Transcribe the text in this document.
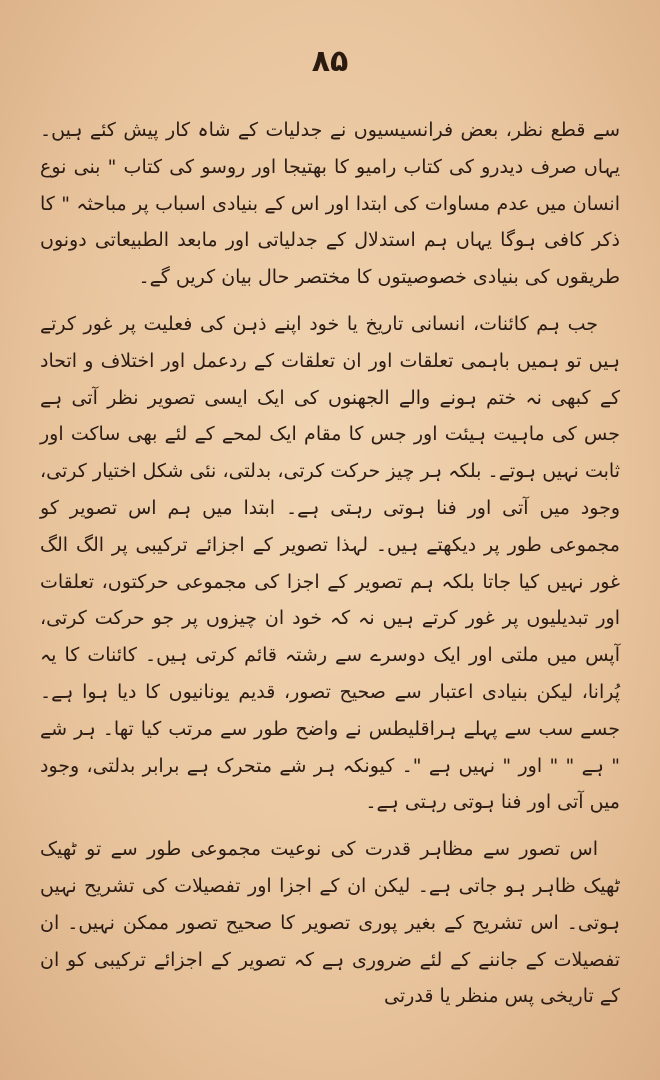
۸۵

سے قطع نظر، بعض فرانسیسیوں نے جدلیات کے شاہ کار پیش کئے ہیں۔ یہاں صرف دیدرو کی کتاب رامیو کا بھتیجا اور روسو کی کتاب " بنی نوع انسان میں عدم مساوات کی ابتدا اور اس کے بنیادی اسباب پر مباحثہ " کا ذکر کافی ہوگا یہاں ہم استدلال کے جدلیاتی اور مابعد الطبیعاتی دونوں طریقوں کی بنیادی خصوصیتوں کا مختصر حال بیان کریں گے۔

جب ہم کائنات، انسانی تاریخ یا خود اپنے ذہن کی فعلیت پر غور کرتے ہیں تو ہمیں باہمی تعلقات اور ان تعلقات کے ردعمل اور اختلاف و اتحاد کے کبھی نہ ختم ہونے والے الجھنوں کی ایک ایسی تصویر نظر آتی ہے جس کی ماہیت ہیئت اور جس کا مقام ایک لمحے کے لئے بھی ساکت اور ثابت نہیں ہوتے۔ بلکہ ہر چیز حرکت کرتی، بدلتی، نئی شکل اختیار کرتی، وجود میں آتی اور فنا ہوتی رہتی ہے۔ ابتدا میں ہم اس تصویر کو مجموعی طور پر دیکھتے ہیں۔ لہذا تصویر کے اجزائے ترکیبی پر الگ الگ غور نہیں کیا جاتا بلکہ ہم تصویر کے اجزا کی مجموعی حرکتوں، تعلقات اور تبدیلیوں پر غور کرتے ہیں نہ کہ خود ان چیزوں پر جو حرکت کرتی، آپس میں ملتی اور ایک دوسرے سے رشتہ قائم کرتی ہیں۔ کائنات کا یہ پُرانا، لیکن بنیادی اعتبار سے صحیح تصور، قدیم یونانیوں کا دیا ہوا ہے۔ جسے سب سے پہلے ہراقلیطس نے واضح طور سے مرتب کیا تھا۔ ہر شے " ہے " " اور " نہیں ہے "۔ کیونکہ ہر شے متحرک ہے برابر بدلتی، وجود میں آتی اور فنا ہوتی رہتی ہے۔

اس تصور سے مظاہر قدرت کی نوعیت مجموعی طور سے تو ٹھیک ٹھیک ظاہر ہو جاتی ہے۔ لیکن ان کے اجزا اور تفصیلات کی تشریح نہیں ہوتی۔ اس تشریح کے بغیر پوری تصویر کا صحیح تصور ممکن نہیں۔ ان تفصیلات کے جاننے کے لئے ضروری ہے کہ تصویر کے اجزائے ترکیبی کو ان کے تاریخی پس منظر یا قدرتی
